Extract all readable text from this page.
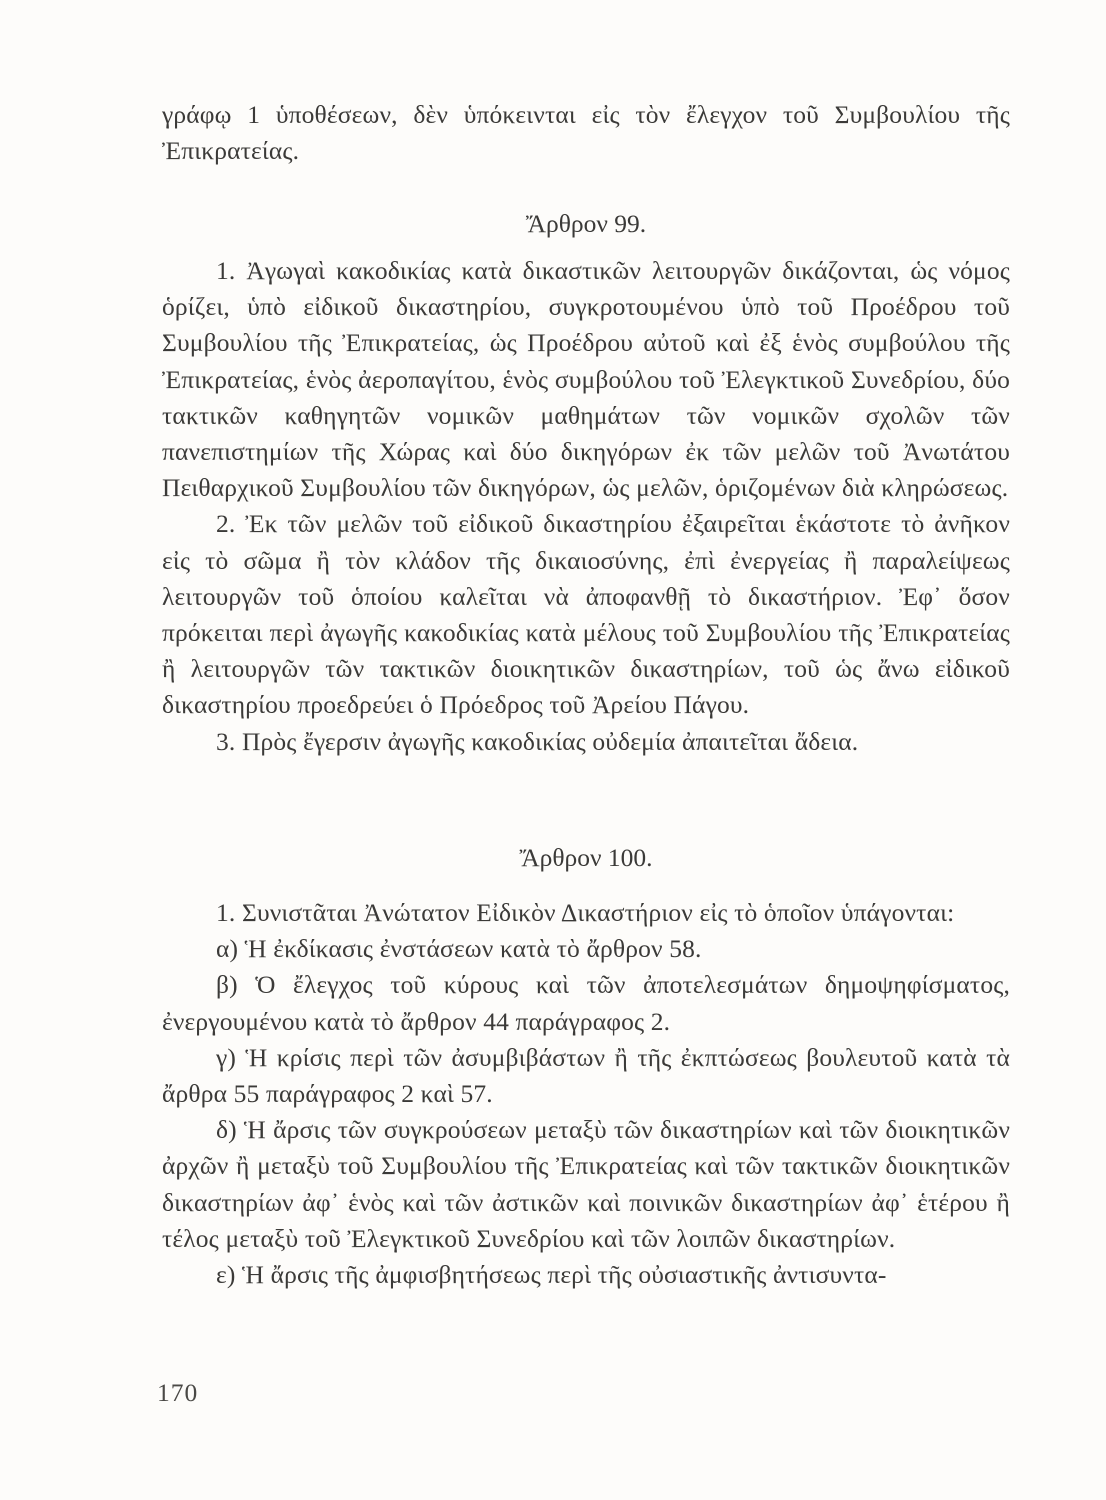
γράφῳ 1 ὑποθέσεων, δὲν ὑπόκεινται εἰς τὸν ἔλεγχον τοῦ Συμβουλίου τῆς Ἐπικρατείας.

Ἄρθρον 99.

1. Ἀγωγαὶ κακοδικίας κατὰ δικαστικῶν λειτουργῶν δικάζονται, ὡς νόμος ὁρίζει, ὑπὸ εἰδικοῦ δικαστηρίου, συγκροτουμένου ὑπὸ τοῦ Προέδρου τοῦ Συμβουλίου τῆς Ἐπικρατείας, ὡς Προέδρου αὐτοῦ καὶ ἐξ ἑνὸς συμβούλου τῆς Ἐπικρατείας, ἑνὸς ἀεροπαγίτου, ἑνὸς συμβούλου τοῦ Ἐλεγκτικοῦ Συνεδρίου, δύο τακτικῶν καθηγητῶν νομικῶν μαθημάτων τῶν νομικῶν σχολῶν τῶν πανεπιστημίων τῆς Χώρας καὶ δύο δικηγόρων ἐκ τῶν μελῶν τοῦ Ἀνωτάτου Πειθαρχικοῦ Συμβουλίου τῶν δικηγόρων, ὡς μελῶν, ὁριζομένων διὰ κληρώσεως.

2. Ἐκ τῶν μελῶν τοῦ εἰδικοῦ δικαστηρίου ἐξαιρεῖται ἑκάστοτε τὸ ἀνῆκον εἰς τὸ σῶμα ἢ τὸν κλάδον τῆς δικαιοσύνης, ἐπὶ ἐνεργείας ἢ παραλείψεως λειτουργῶν τοῦ ὁποίου καλεῖται νὰ ἀποφανθῇ τὸ δικαστήριον. Ἐφ᾽ ὅσον πρόκειται περὶ ἀγωγῆς κακοδικίας κατὰ μέλους τοῦ Συμβουλίου τῆς Ἐπικρατείας ἢ λειτουργῶν τῶν τακτικῶν διοικητικῶν δικαστηρίων, τοῦ ὡς ἄνω εἰδικοῦ δικαστηρίου προεδρεύει ὁ Πρόεδρος τοῦ Ἀρείου Πάγου.

3. Πρὸς ἔγερσιν ἀγωγῆς κακοδικίας οὐδεμία ἀπαιτεῖται ἄδεια.

Ἄρθρον 100.

1. Συνιστᾶται Ἀνώτατον Εἰδικὸν Δικαστήριον εἰς τὸ ὁποῖον ὑπάγονται:

α) Ἡ ἐκδίκασις ἐνστάσεων κατὰ τὸ ἄρθρον 58.

β) Ὁ ἔλεγχος τοῦ κύρους καὶ τῶν ἀποτελεσμάτων δημοψηφίσματος, ἐνεργουμένου κατὰ τὸ ἄρθρον 44 παράγραφος 2.

γ) Ἡ κρίσις περὶ τῶν ἀσυμβιβάστων ἢ τῆς ἐκπτώσεως βουλευτοῦ κατὰ τὰ ἄρθρα 55 παράγραφος 2 καὶ 57.

δ) Ἡ ἄρσις τῶν συγκρούσεων μεταξὺ τῶν δικαστηρίων καὶ τῶν διοικητικῶν ἀρχῶν ἢ μεταξὺ τοῦ Συμβουλίου τῆς Ἐπικρατείας καὶ τῶν τακτικῶν διοικητικῶν δικαστηρίων ἀφ᾽ ἑνὸς καὶ τῶν ἀστικῶν καὶ ποινικῶν δικαστηρίων ἀφ᾽ ἑτέρου ἢ τέλος μεταξὺ τοῦ Ἐλεγκτικοῦ Συνεδρίου καὶ τῶν λοιπῶν δικαστηρίων.

ε) Ἡ ἄρσις τῆς ἀμφισβητήσεως περὶ τῆς οὐσιαστικῆς ἀντισυντα-

170
